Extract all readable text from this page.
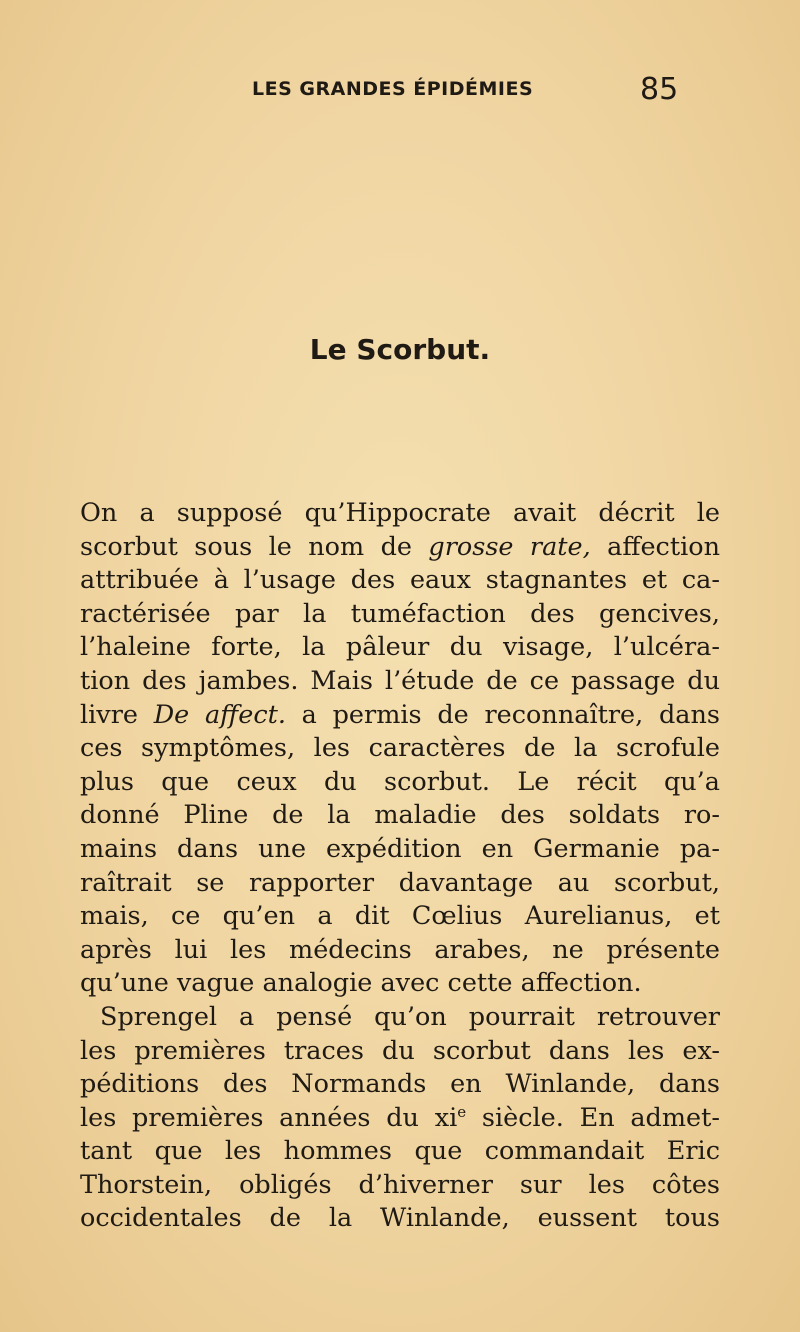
LES GRANDES ÉPIDÉMIES	85
Le Scorbut.
On a supposé qu’Hippocrate avait décrit le
scorbut sous le nom de grosse rate, affection
attribuée à l’usage des eaux stagnantes et ca-
ractérisée par la tuméfaction des gencives,
l’haleine forte, la pâleur du visage, l’ulcéra-
tion des jambes. Mais l’étude de ce passage du
livre De affect. a permis de reconnaître, dans
ces symptômes, les caractères de la scrofule
plus que ceux du scorbut. Le récit qu’a
donné Pline de la maladie des soldats ro-
mains dans une expédition en Germanie pa-
raîtrait se rapporter davantage au scorbut,
mais, ce qu’en a dit Cœlius Aurelianus, et
après lui les médecins arabes, ne présente
qu’une vague analogie avec cette affection.
Sprengel a pensé qu’on pourrait retrouver
les premières traces du scorbut dans les ex-
péditions des Normands en Winlande, dans
les premières années du $xi^e$ siècle. En admet-
tant que les hommes que commandait Eric
Thorstein, obligés d’hiverner sur les côtes
occidentales de la Winlande, eussent tous
